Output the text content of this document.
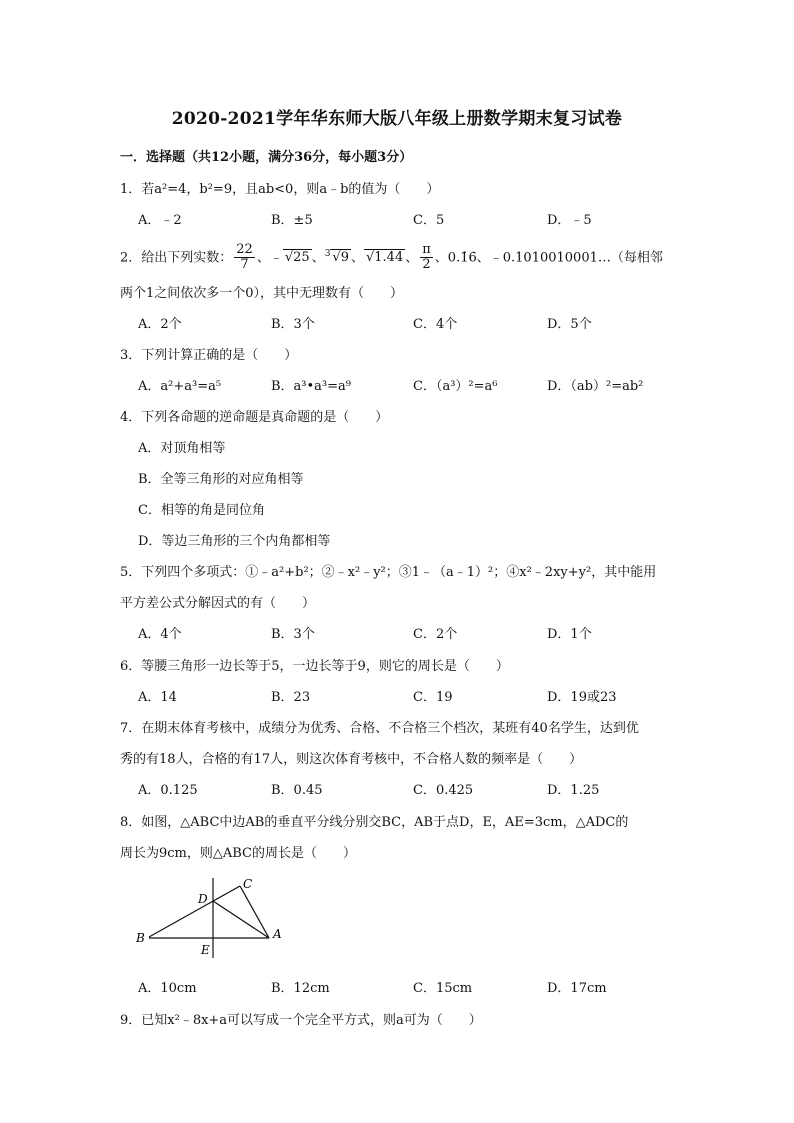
2020-2021学年华东师大版八年级上册数学期末复习试卷
一．选择题（共12小题，满分36分，每小题3分）
1．若a²=4，b²=9，且ab<0，则a﹣b的值为（　　）
A．﹣2	B．±5	C．5	D．﹣5
2．给出下列实数： $\frac{22}{7}$ 、﹣ √25 、$^3$ √9 、 √1.44 、 $\frac{\pi}{2}$ 、0.1̇6̇、﹣0.1010010001…（每相邻
两个1之间依次多一个0），其中无理数有（　　）
A．2个	B．3个	C．4个	D．5个
3．下列计算正确的是（　　）
A．a²+a³=a⁵	B．a³•a³=a⁹	C．（a³）²=a⁶	D．（ab）²=ab²
4．下列各命题的逆命题是真命题的是（　　）
A．对顶角相等
B．全等三角形的对应角相等
C．相等的角是同位角
D．等边三角形的三个内角都相等
5．下列四个多项式：①﹣a²+b²；②﹣x²﹣y²；③1﹣（a﹣1）²；④x²﹣2xy+y²，其中能用
平方差公式分解因式的有（　　）
A．4个	B．3个	C．2个	D．1个
6．等腰三角形一边长等于5，一边长等于9，则它的周长是（　　）
A．14	B．23	C．19	D．19或23
7．在期末体育考核中，成绩分为优秀、合格、不合格三个档次，某班有40名学生，达到优
秀的有18人，合格的有17人，则这次体育考核中，不合格人数的频率是（　　）
A．0.125	B．0.45	C．0.425	D．1.25
8．如图，△ABC中边AB的垂直平分线分别交BC，AB于点D，E，AE=3cm，△ADC的
周长为9cm，则△ABC的周长是（　　）
B
D
C
E
A
A．10cm	B．12cm	C．15cm	D．17cm
9．已知x²﹣8x+a可以写成一个完全平方式，则a可为（　　）
